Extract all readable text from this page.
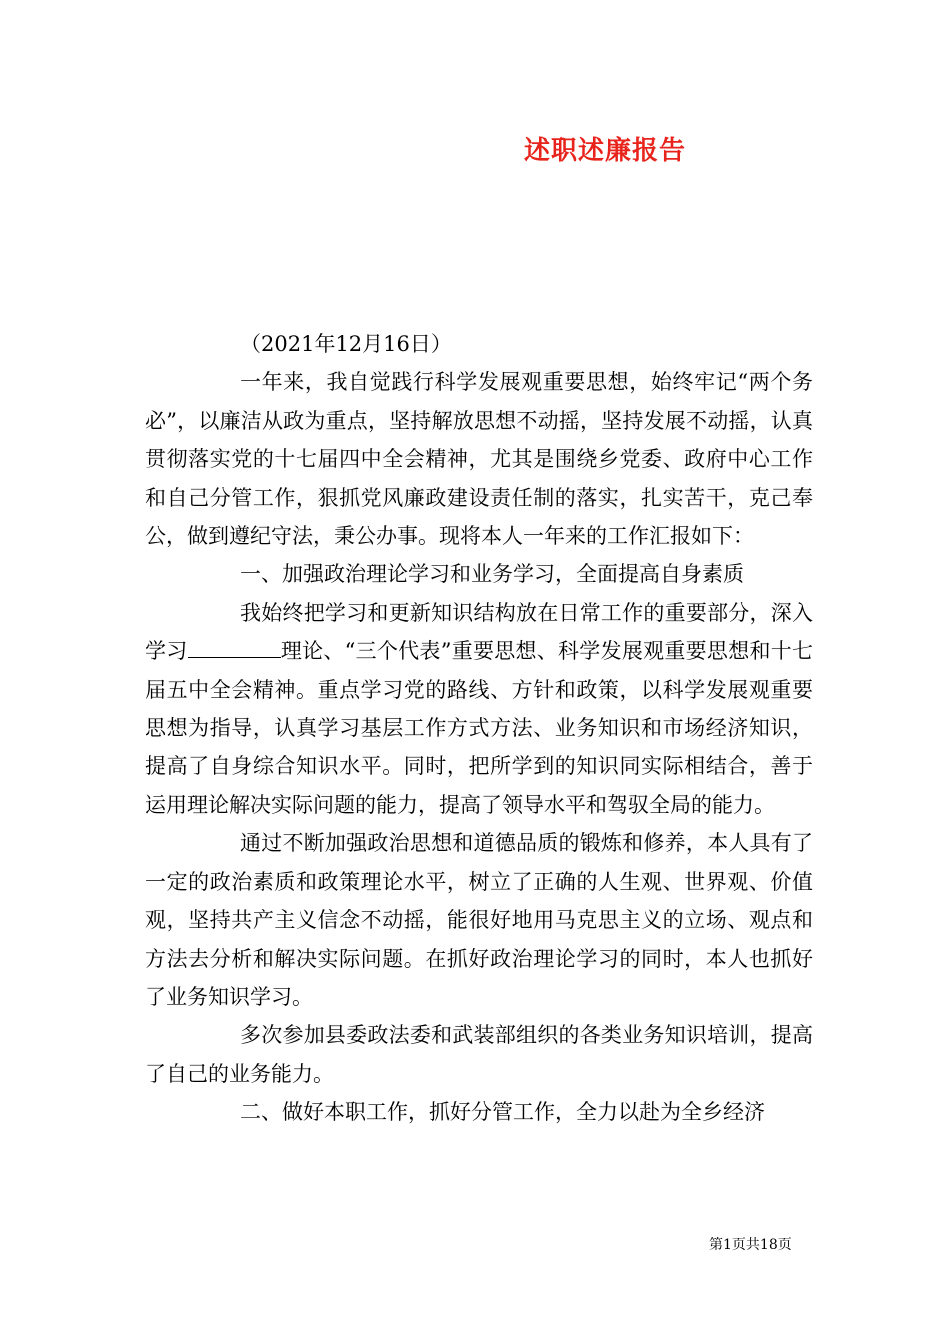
述职述廉报告
（2021年12月16日）

一年来，我自觉践行科学发展观重要思想，始终牢记“两个务必”，以廉洁从政为重点，坚持解放思想不动摇，坚持发展不动摇，认真贯彻落实党的十七届四中全会精神，尤其是围绕乡党委、政府中心工作和自己分管工作，狠抓党风廉政建设责任制的落实，扎实苦干，克己奉公，做到遵纪守法，秉公办事。现将本人一年来的工作汇报如下：

一、加强政治理论学习和业务学习，全面提高自身素质

我始终把学习和更新知识结构放在日常工作的重要部分，深入学习	理论、“三个代表”重要思想、科学发展观重要思想和十七届五中全会精神。重点学习党的路线、方针和政策，以科学发展观重要思想为指导，认真学习基层工作方式方法、业务知识和市场经济知识，提高了自身综合知识水平。同时，把所学到的知识同实际相结合，善于运用理论解决实际问题的能力，提高了领导水平和驾驭全局的能力。

通过不断加强政治思想和道德品质的锻炼和修养，本人具有了一定的政治素质和政策理论水平，树立了正确的人生观、世界观、价值观，坚持共产主义信念不动摇，能很好地用马克思主义的立场、观点和方法去分析和解决实际问题。在抓好政治理论学习的同时，本人也抓好了业务知识学习。

多次参加县委政法委和武装部组织的各类业务知识培训，提高了自己的业务能力。

二、做好本职工作，抓好分管工作，全力以赴为全乡经济

第1页共18页
